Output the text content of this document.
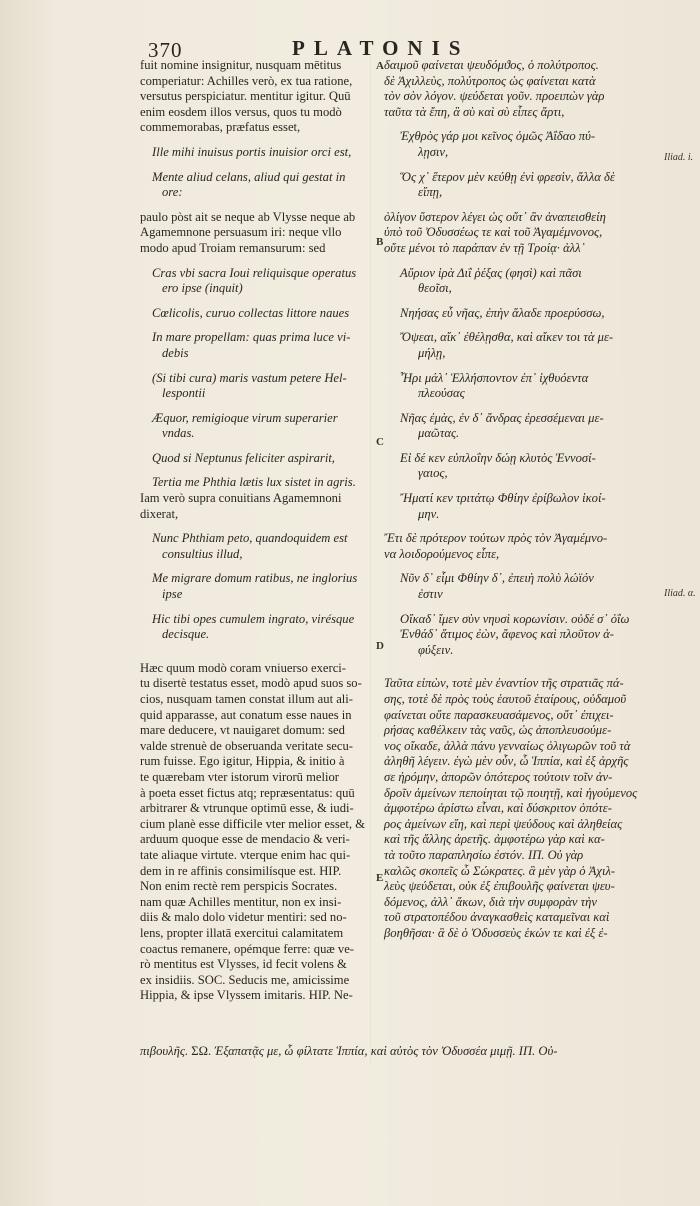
370	PLATONIS

fuit nomine insignitur, nusquam mētitus

comperiatur: Achilles verò, ex tua ratione,

versutus perspiciatur. mentitur igitur. Quū

enim eosdem illos versus, quos tu modò

commemorabas, præfatus esset,

Ille mihi inuisus portis inuisior orci est,

Mente aliud celans, aliud qui gestat in

ore:

paulo pòst ait se neque ab Vlysse neque ab

Agamemnone persuasum iri: neque vllo

modo apud Troiam remansurum: sed

Cras vbi sacra Ioui reliquisque operatus

ero ipse (inquit)

Cœlicolis, curuo collectas littore naues

In mare propellam: quas prima luce vi-

debis

(Si tibi cura) maris vastum petere Hel-

lespontii

Æquor, remigioque virum superarier

vndas.

Quod si Neptunus feliciter aspirarit,

Tertia me Phthia lætis lux sistet in agris.

Iam verò supra conuitians Agamemnoni

dixerat,

Nunc Phthiam peto, quandoquidem est

consultius illud,

Me migrare domum ratibus, ne inglorius

ipse

Hic tibi opes cumulem ingrato, virésque

decisque.

Hæc quum modò coram vniuerso exerci-

tu disertè testatus esset, modò apud suos so-

cios, nusquam tamen constat illum aut ali-

quid apparasse, aut conatum esse naues in

mare deducere, vt nauigaret domum: sed

valde strenuè de obseruanda veritate secu-

rum fuisse. Ego igitur, Hippia, & initio à

te quærebam vter istorum virorū melior

à poeta esset fictus atq; repræsentatus: quū

arbitrarer & vtrunque optimū esse, & iudi-

cium planè esse difficile vter melior esset, &

arduum quoque esse de mendacio & veri-

tate aliaque virtute. vterque enim hac qui-

dem in re affinis consimilísque est. HIP.

Non enim rectè rem perspicis Socrates.

nam quæ Achilles mentitur, non ex insi-

diis & malo dolo videtur mentiri: sed no-

lens, propter illatā exercitui calamitatem

coactus remanere, opémque ferre: quæ ve-

rò mentitus est Vlysses, id fecit volens &

ex insidiis. SOC. Seducis me, amicissime

Hippia, & ipse Vlyssem imitaris. HIP. Ne-

A
B
C
D
E
Iliad. i.
Iliad. α.

δαιμοῦ φαίνεται ψευδόμϑος, ὁ πολύτροπος.

δὲ Ἀχιλλεὺς, πολύτροπος ὡς φαίνεται κατὰ

τὸν σὸν λόγον. ψεύδεται γοῦν. προειπὼν γὰρ

ταῦτα τὰ ἔπη, ἃ σὺ καὶ σὺ εἶπες ἄρτι,

Ἐχθρὸς γάρ μοι κεῖνος ὁμῶς Ἀΐδαο πύ-

λῃσιν,

Ὅς χ᾽ ἕτερον μὲν κεύθῃ ἐνὶ φρεσὶν, ἄλλα δὲ

εἴπῃ,

ὀλίγον ὕστερον λέγει ὡς οὔτ᾽ ἂν ἀναπεισθείη

ὑπὸ τοῦ Ὀδυσσέως τε καὶ τοῦ Ἀγαμέμνονος,

οὔτε μένοι τὸ παράπαν ἐν τῇ Τροίᾳ· ἀλλ᾽

Αὔριον ἱρὰ Διΐ ῥέξας (φησὶ) καὶ πᾶσι

θεοῖσι,

Νηήσας εὖ νῆας, ἐπὴν ἅλαδε προερύσσω,

Ὄψεαι, αἴκ᾽ ἐθέλῃσθα, καὶ αἴκεν τοι τὰ με-

μήλῃ,

Ἦρι μάλ᾽ Ἑλλήσποντον ἐπ᾽ ἰχθυόεντα

πλεούσας

Νῆας ἐμὰς, ἐν δ᾽ ἄνδρας ἐρεσσέμεναι με-

μαῶτας.

Εἰ δέ κεν εὐπλοΐην δώῃ κλυτὸς Ἐννοσί-

γαιος,

Ἤματί κεν τριτάτῳ Φθίην ἐρίβωλον ἱκοί-

μην.

Ἔτι δὲ πρότερον τούτων πρὸς τὸν Ἀγαμέμνο-

να λοιδορούμενος εἶπε,

Νῦν δ᾽ εἶμι Φθίην δ᾽, ἐπειὴ πολὺ λώϊόν

ἐστιν

Οἴκαδ᾽ ἴμεν σὺν νηυσὶ κορωνίσιν. οὐδέ σ᾽ ὀΐω

Ἐνθάδ᾽ ἄτιμος ἐὼν, ἄφενος καὶ πλοῦτον ἀ-

φύξειν.

Ταῦτα εἰπὼν, τοτὲ μὲν ἐναντίον τῆς στρατιᾶς πά-

σης, τοτὲ δὲ πρὸς τοὺς ἑαυτοῦ ἑταίρους, οὐδαμοῦ

φαίνεται οὔτε παρασκευασάμενος, οὔτ᾽ ἐπιχει-

ρήσας καθέλκειν τὰς ναῦς, ὡς ἀποπλευσούμε-

νος οἴκαδε, ἀλλὰ πάνυ γενναίως ὀλιγωρῶν τοῦ τὰ

ἀληθῆ λέγειν. ἐγὼ μὲν οὖν, ὦ Ἱππία, καὶ ἐξ ἀρχῆς

σε ἠρόμην, ἀπορῶν ὁπότερος τούτοιν τοῖν ἀν-

δροῖν ἀμείνων πεποίηται τῷ ποιητῇ, καὶ ἡγούμενος

ἀμφοτέρω ἀρίστω εἶναι, καὶ δύσκριτον ὁπότε-

ρος ἀμείνων εἴη, καὶ περὶ ψεύδους καὶ ἀληθείας

καὶ τῆς ἄλλης ἀρετῆς. ἀμφοτέρω γὰρ καὶ κα-

τὰ τοῦτο παραπλησίω ἐστόν. ΙΠ. Οὐ γὰρ

καλῶς σκοπεῖς ὦ Σώκρατες. ἃ μὲν γὰρ ὁ Ἀχιλ-

λεὺς ψεύδεται, οὐκ ἐξ ἐπιβουλῆς φαίνεται ψευ-

δόμενος, ἀλλ᾽ ἄκων, διὰ τὴν συμφορὰν τὴν

τοῦ στρατοπέδου ἀναγκασθεὶς καταμεῖναι καὶ

βοηθῆσαι· ἃ δὲ ὁ Ὀδυσσεὺς ἑκών τε καὶ ἐξ ἐ-

πιβουλῆς. ΣΩ. Ἐξαπατᾷς με, ὦ φίλτατε Ἱππία, καὶ αὐτὸς τὸν Ὀδυσσέα μιμῇ. ΙΠ. Οὐ-
